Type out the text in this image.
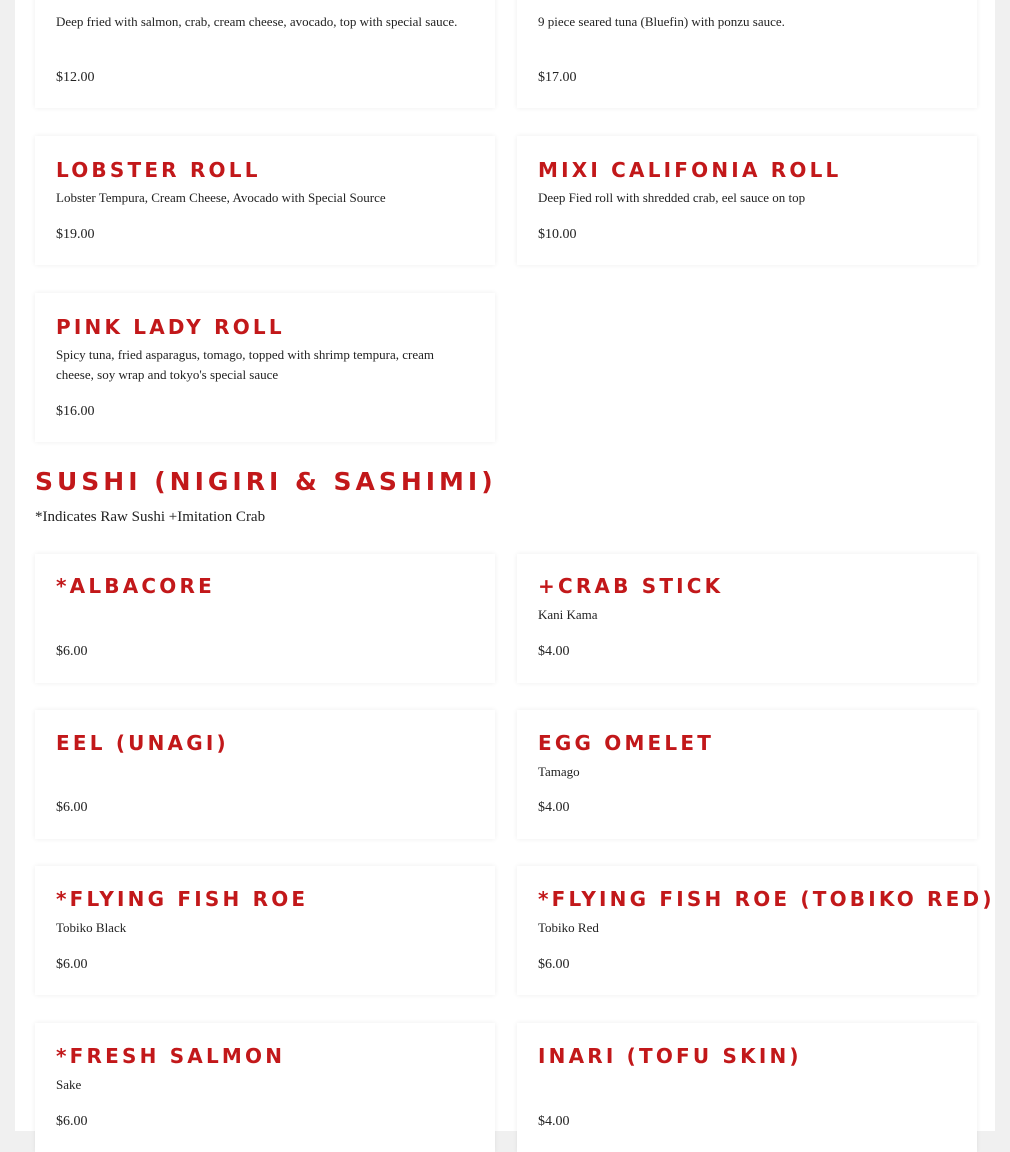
Deep fried with salmon, crab, cream cheese, avocado, top with special sauce.
$12.00
9 piece seared tuna (Bluefin) with ponzu sauce.
$17.00
LOBSTER ROLL
Lobster Tempura, Cream Cheese, Avocado with Special Source
$19.00
MIXI CALIFONIA ROLL
Deep Fied roll with shredded crab, eel sauce on top
$10.00
PINK LADY ROLL
Spicy tuna, fried asparagus, tomago, topped with shrimp tempura, cream cheese, soy wrap and tokyo's special sauce
$16.00
SUSHI (NIGIRI & SASHIMI)
*Indicates Raw Sushi +Imitation Crab
*ALBACORE
$6.00
+CRAB STICK
Kani Kama
$4.00
EEL (UNAGI)
$6.00
EGG OMELET
Tamago
$4.00
*FLYING FISH ROE
Tobiko Black
$6.00
*FLYING FISH ROE (TOBIKO RED)
Tobiko Red
$6.00
*FRESH SALMON
Sake
$6.00
INARI (TOFU SKIN)
$4.00
